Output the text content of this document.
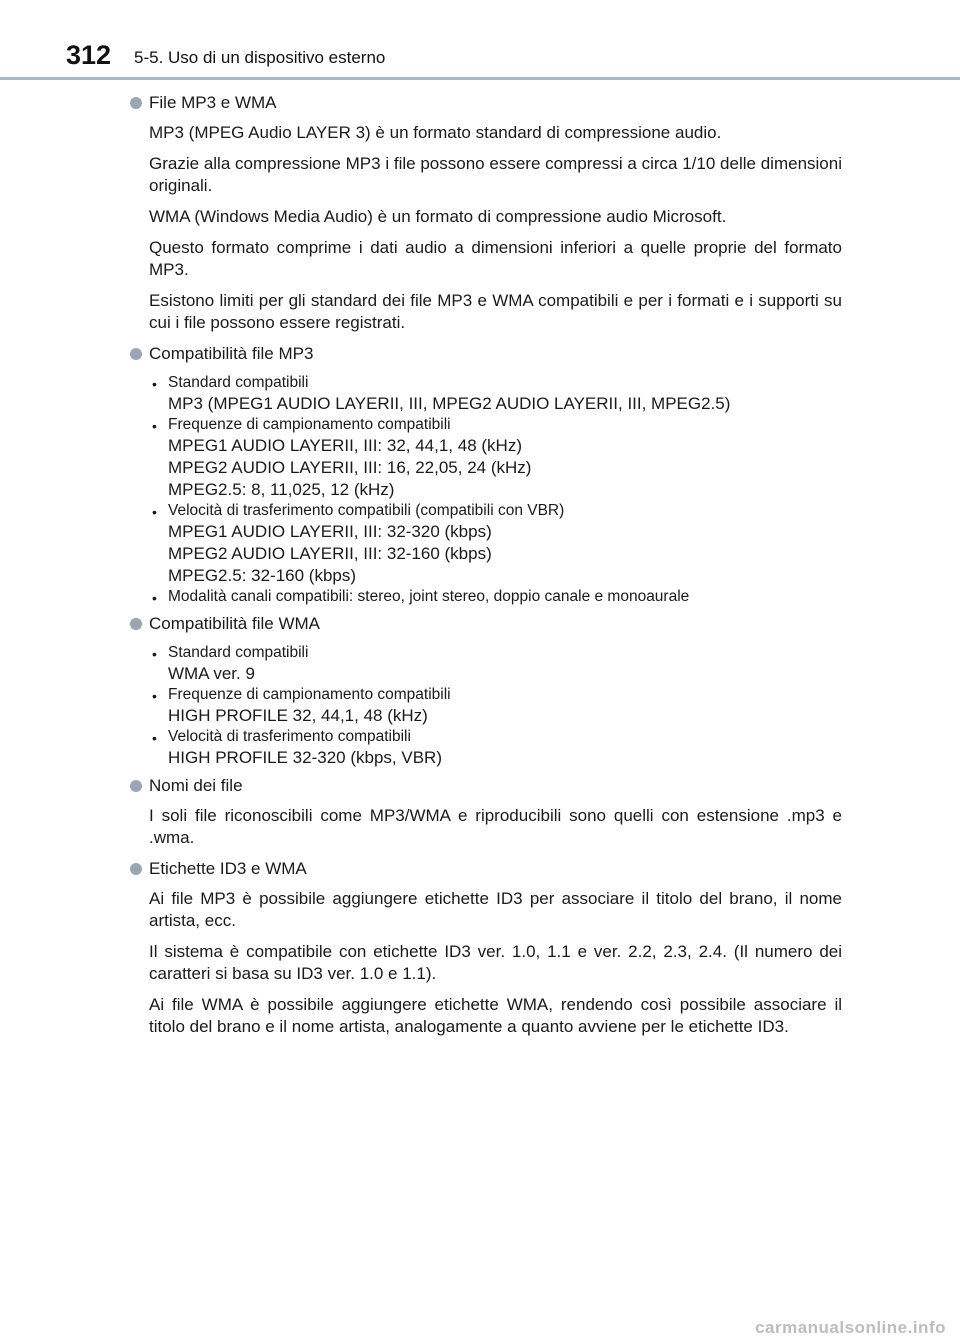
312 5-5. Uso di un dispositivo esterno
File MP3 e WMA

MP3 (MPEG Audio LAYER 3) è un formato standard di compressione audio.

Grazie alla compressione MP3 i file possono essere compressi a circa 1/10 delle dimensioni originali.

WMA (Windows Media Audio) è un formato di compressione audio Microsoft.

Questo formato comprime i dati audio a dimensioni inferiori a quelle proprie del formato MP3.

Esistono limiti per gli standard dei file MP3 e WMA compatibili e per i formati e i supporti su cui i file possono essere registrati.

Compatibilità file MP3
• Standard compatibili
MP3 (MPEG1 AUDIO LAYERII, III, MPEG2 AUDIO LAYERII, III, MPEG2.5)
• Frequenze di campionamento compatibili
MPEG1 AUDIO LAYERII, III: 32, 44,1, 48 (kHz)
MPEG2 AUDIO LAYERII, III: 16, 22,05, 24 (kHz)
MPEG2.5: 8, 11,025, 12 (kHz)
• Velocità di trasferimento compatibili (compatibili con VBR)
MPEG1 AUDIO LAYERII, III: 32-320 (kbps)
MPEG2 AUDIO LAYERII, III: 32-160 (kbps)
MPEG2.5: 32-160 (kbps)
• Modalità canali compatibili: stereo, joint stereo, doppio canale e monoaurale
Compatibilità file WMA
• Standard compatibili
WMA ver. 9
• Frequenze di campionamento compatibili
HIGH PROFILE 32, 44,1, 48 (kHz)
• Velocità di trasferimento compatibili
HIGH PROFILE 32-320 (kbps, VBR)
Nomi dei file

I soli file riconoscibili come MP3/WMA e riproducibili sono quelli con estensione .mp3 e .wma.

Etichette ID3 e WMA

Ai file MP3 è possibile aggiungere etichette ID3 per associare il titolo del brano, il nome artista, ecc.

Il sistema è compatibile con etichette ID3 ver. 1.0, 1.1 e ver. 2.2, 2.3, 2.4. (Il numero dei caratteri si basa su ID3 ver. 1.0 e 1.1).

Ai file WMA è possibile aggiungere etichette WMA, rendendo così possibile associare il titolo del brano e il nome artista, analogamente a quanto avviene per le etichette ID3.

carmanualsonline.info
